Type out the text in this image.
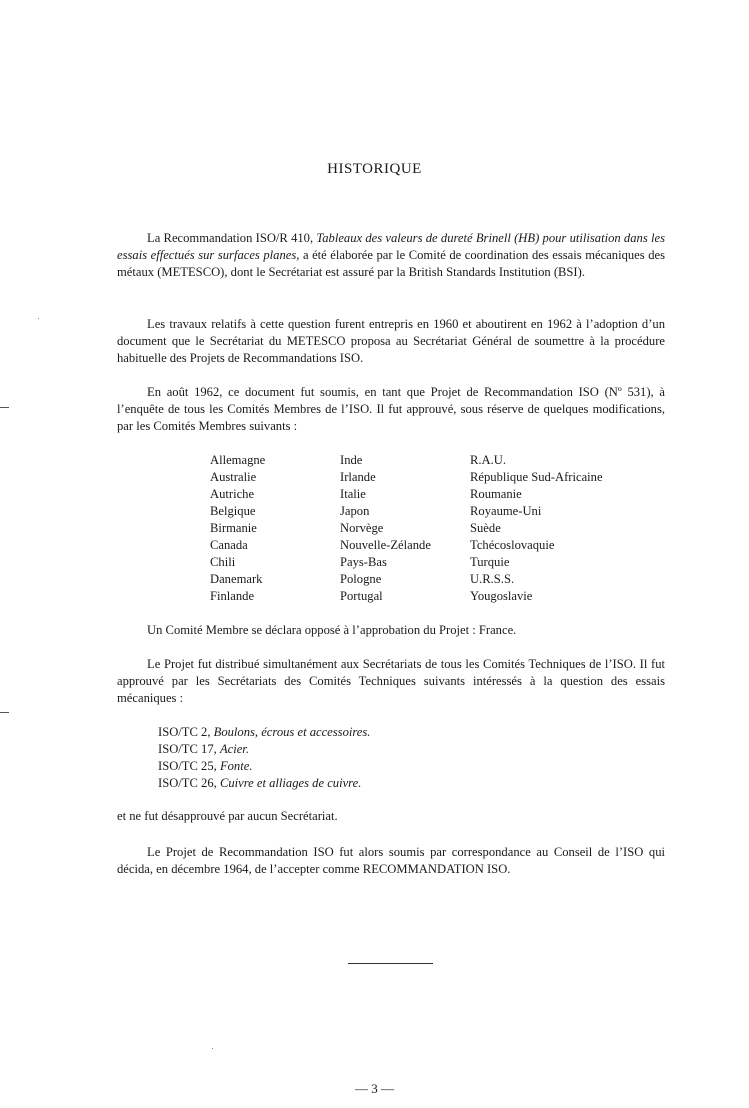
HISTORIQUE

La Recommandation ISO/R 410, Tableaux des valeurs de dureté Brinell (HB) pour utilisation dans les essais effectués sur surfaces planes, a été élaborée par le Comité de coordination des essais mécaniques des métaux (METESCO), dont le Secrétariat est assuré par la British Standards Institution (BSI).

Les travaux relatifs à cette question furent entrepris en 1960 et aboutirent en 1962 à l’adoption d’un document que le Secrétariat du METESCO proposa au Secrétariat Général de soumettre à la procédure habituelle des Projets de Recommandations ISO.

En août 1962, ce document fut soumis, en tant que Projet de Recommandation ISO (Nº 531), à l’enquête de tous les Comités Membres de l’ISO. Il fut approuvé, sous réserve de quelques modifications, par les Comités Membres suivants :

Allemagne
Australie
Autriche
Belgique
Birmanie
Canada
Chili
Danemark
Finlande
Inde
Irlande
Italie
Japon
Norvège
Nouvelle-Zélande
Pays-Bas
Pologne
Portugal
R.A.U.
République Sud-Africaine
Roumanie
Royaume-Uni
Suède
Tchécoslovaquie
Turquie
U.R.S.S.
Yougoslavie

Un Comité Membre se déclara opposé à l’approbation du Projet : France.

Le Projet fut distribué simultanément aux Secrétariats de tous les Comités Techniques de l’ISO. Il fut approuvé par les Secrétariats des Comités Techniques suivants intéressés à la question des essais mécaniques :

ISO/TC 2, Boulons, écrous et accessoires.
ISO/TC 17, Acier.
ISO/TC 25, Fonte.
ISO/TC 26, Cuivre et alliages de cuivre.

et ne fut désapprouvé par aucun Secrétariat.

Le Projet de Recommandation ISO fut alors soumis par correspondance au Conseil de l’ISO qui décida, en décembre 1964, de l’accepter comme RECOMMANDATION ISO.

— 3 —
